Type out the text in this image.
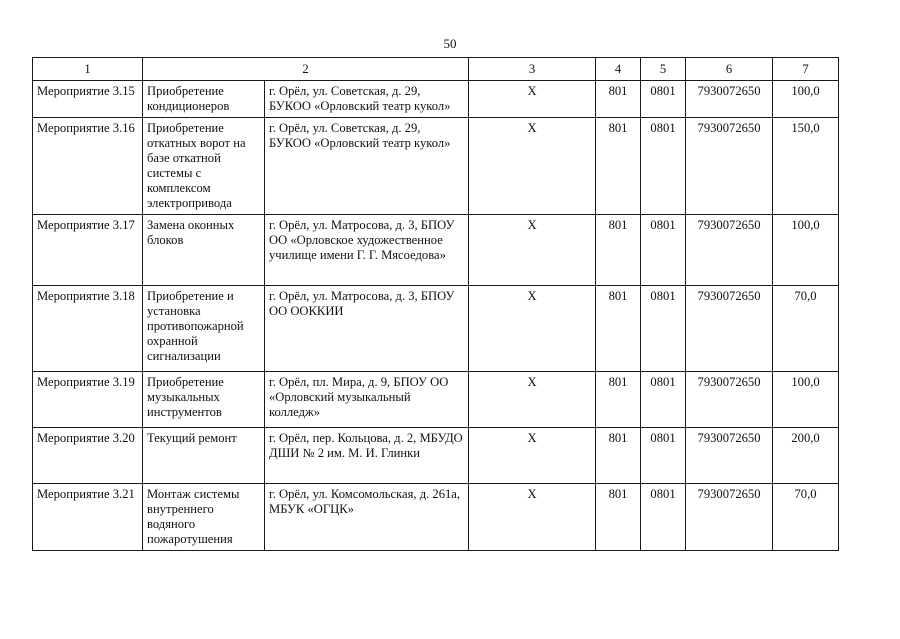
50
1	2		3	4	5	6	7
Мероприятие 3.15	Приобретение кондиционеров	г. Орёл, ул. Советская, д. 29, БУКОО «Орловский театр кукол»	Х	801	0801	7930072650	100,0
Мероприятие 3.16	Приобретение откатных ворот на базе откатной системы с комплексом электропривода	г. Орёл, ул. Советская, д. 29, БУКОО «Орловский театр кукол»	Х	801	0801	7930072650	150,0
Мероприятие 3.17	Замена оконных блоков	г. Орёл, ул. Матросова, д. 3, БПОУ ОО «Орловское художественное училище имени Г. Г. Мясоедова»	Х	801	0801	7930072650	100,0
Мероприятие 3.18	Приобретение и установка противопожарной охранной сигнализации	г. Орёл, ул. Матросова, д. 3, БПОУ ОО ООККИИ	Х	801	0801	7930072650	70,0
Мероприятие 3.19	Приобретение музыкальных инструментов	г. Орёл, пл. Мира, д. 9, БПОУ ОО «Орловский музыкальный колледж»	Х	801	0801	7930072650	100,0
Мероприятие 3.20	Текущий ремонт	г. Орёл, пер. Кольцова, д. 2, МБУДО ДШИ № 2 им. М. И. Глинки	Х	801	0801	7930072650	200,0
Мероприятие 3.21	Монтаж системы внутреннего водяного пожаротушения	г. Орёл, ул. Комсомольская, д. 261а, МБУК «ОГЦК»	Х	801	0801	7930072650	70,0
